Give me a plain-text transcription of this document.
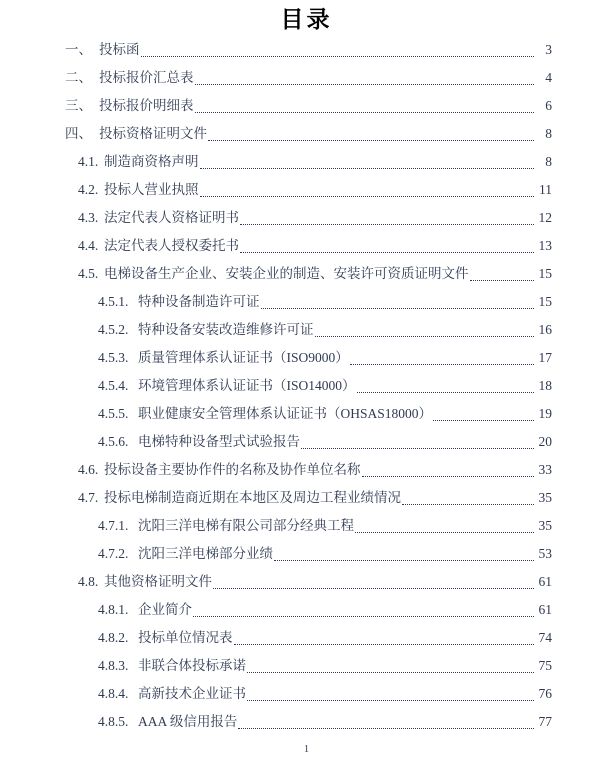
目录
一、 投标函	3
二、 投标报价汇总表	4
三、 投标报价明细表	6
四、 投标资格证明文件	8
4.1. 制造商资格声明	8
4.2. 投标人营业执照	11
4.3. 法定代表人资格证明书	12
4.4. 法定代表人授权委托书	13
4.5. 电梯设备生产企业、安装企业的制造、安装许可资质证明文件	15
4.5.1. 特种设备制造许可证	15
4.5.2. 特种设备安装改造维修许可证	16
4.5.3. 质量管理体系认证证书（ISO9000）	17
4.5.4. 环境管理体系认证证书（ISO14000）	18
4.5.5. 职业健康安全管理体系认证证书（OHSAS18000）	19
4.5.6. 电梯特种设备型式试验报告	20
4.6. 投标设备主要协作件的名称及协作单位名称	33
4.7. 投标电梯制造商近期在本地区及周边工程业绩情况	35
4.7.1. 沈阳三洋电梯有限公司部分经典工程	35
4.7.2. 沈阳三洋电梯部分业绩	53
4.8. 其他资格证明文件	61
4.8.1. 企业简介	61
4.8.2. 投标单位情况表	74
4.8.3. 非联合体投标承诺	75
4.8.4. 高新技术企业证书	76
4.8.5. AAA 级信用报告	77
1
